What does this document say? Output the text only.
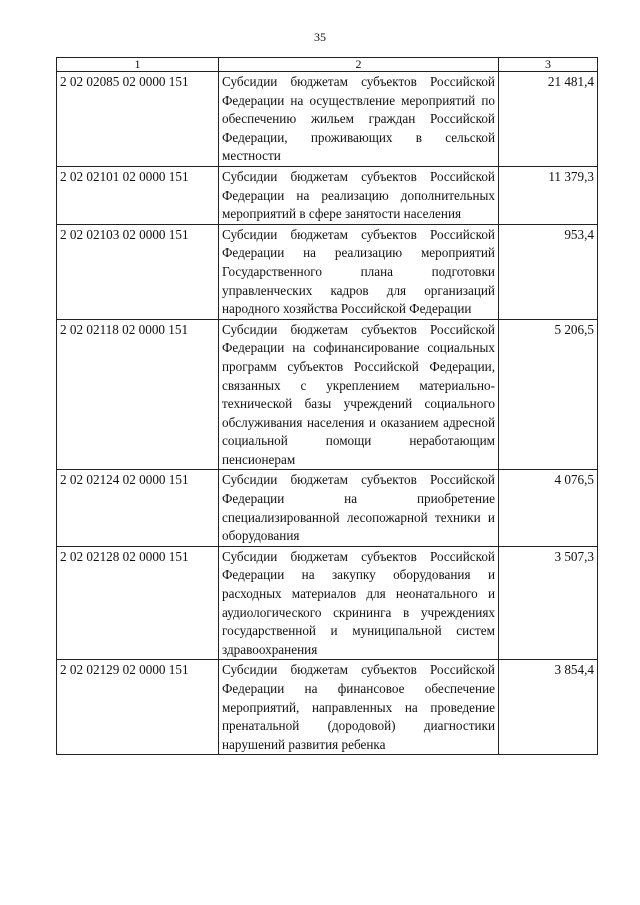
35
1	2	3
2 02 02085 02 0000 151	Субсидии бюджетам субъектов Российской Федерации на осуществление мероприятий по обеспечению жильем граждан Российской Федерации, проживающих в сельской местности	21 481,4
2 02 02101 02 0000 151	Субсидии бюджетам субъектов Российской Федерации на реализацию дополнительных мероприятий в сфере занятости населения	11 379,3
2 02 02103 02 0000 151	Субсидии бюджетам субъектов Российской Федерации на реализацию мероприятий Государственного плана подготовки управленческих кадров для организаций народного хозяйства Российской Федерации	953,4
2 02 02118 02 0000 151	Субсидии бюджетам субъектов Российской Федерации на софинансирование социальных программ субъектов Российской Федерации, связанных с укреплением материально-технической базы учреждений социального обслуживания населения и оказанием адресной социальной помощи неработающим пенсионерам	5 206,5
2 02 02124 02 0000 151	Субсидии бюджетам субъектов Российской Федерации на приобретение специализированной лесопожарной техники и оборудования	4 076,5
2 02 02128 02 0000 151	Субсидии бюджетам субъектов Российской Федерации на закупку оборудования и расходных материалов для неонатального и аудиологического скрининга в учреждениях государственной и муниципальной систем здравоохранения	3 507,3
2 02 02129 02 0000 151	Субсидии бюджетам субъектов Российской Федерации на финансовое обеспечение мероприятий, направленных на проведение пренатальной (дородовой) диагностики нарушений развития ребенка	3 854,4
